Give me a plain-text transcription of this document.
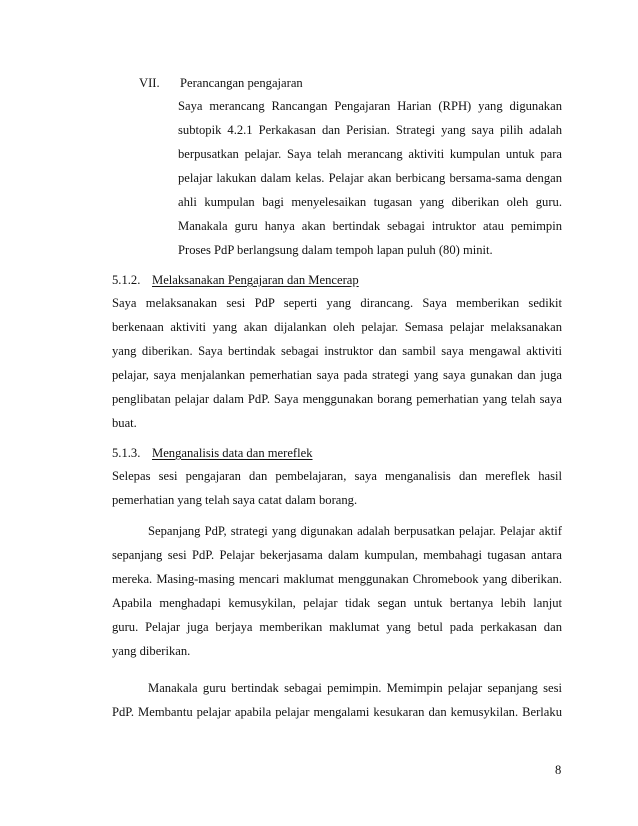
VII. Perancangan pengajaran
Saya merancang Rancangan Pengajaran Harian (RPH) yang digunakan
subtopik 4.2.1 Perkakasan dan Perisian. Strategi yang saya pilih adalah
berpusatkan pelajar. Saya telah merancang aktiviti kumpulan untuk para
pelajar lakukan dalam kelas. Pelajar akan berbicang bersama-sama dengan
ahli kumpulan bagi menyelesaikan tugasan yang diberikan oleh guru.
Manakala guru hanya akan bertindak sebagai intruktor atau pemimpin
Proses PdP berlangsung dalam tempoh lapan puluh (80) minit.
5.1.2. Melaksanakan Pengajaran dan Mencerap
Saya melaksanakan sesi PdP seperti yang dirancang. Saya memberikan sedikit
berkenaan aktiviti yang akan dijalankan oleh pelajar. Semasa pelajar melaksanakan
yang diberikan. Saya bertindak sebagai instruktor dan sambil saya mengawal aktiviti
pelajar, saya menjalankan pemerhatian saya pada strategi yang saya gunakan dan juga
penglibatan pelajar dalam PdP. Saya menggunakan borang pemerhatian yang telah saya
buat.
5.1.3. Menganalisis data dan mereflek
Selepas sesi pengajaran dan pembelajaran, saya menganalisis dan mereflek hasil
pemerhatian yang telah saya catat dalam borang.
Sepanjang PdP, strategi yang digunakan adalah berpusatkan pelajar. Pelajar aktif
sepanjang sesi PdP. Pelajar bekerjasama dalam kumpulan, membahagi tugasan antara
mereka. Masing-masing mencari maklumat menggunakan Chromebook yang diberikan.
Apabila menghadapi kemusykilan, pelajar tidak segan untuk bertanya lebih lanjut
guru. Pelajar juga berjaya memberikan maklumat yang betul pada perkakasan dan
yang diberikan.
Manakala guru bertindak sebagai pemimpin. Memimpin pelajar sepanjang sesi
PdP. Membantu pelajar apabila pelajar mengalami kesukaran dan kemusykilan. Berlaku
8
